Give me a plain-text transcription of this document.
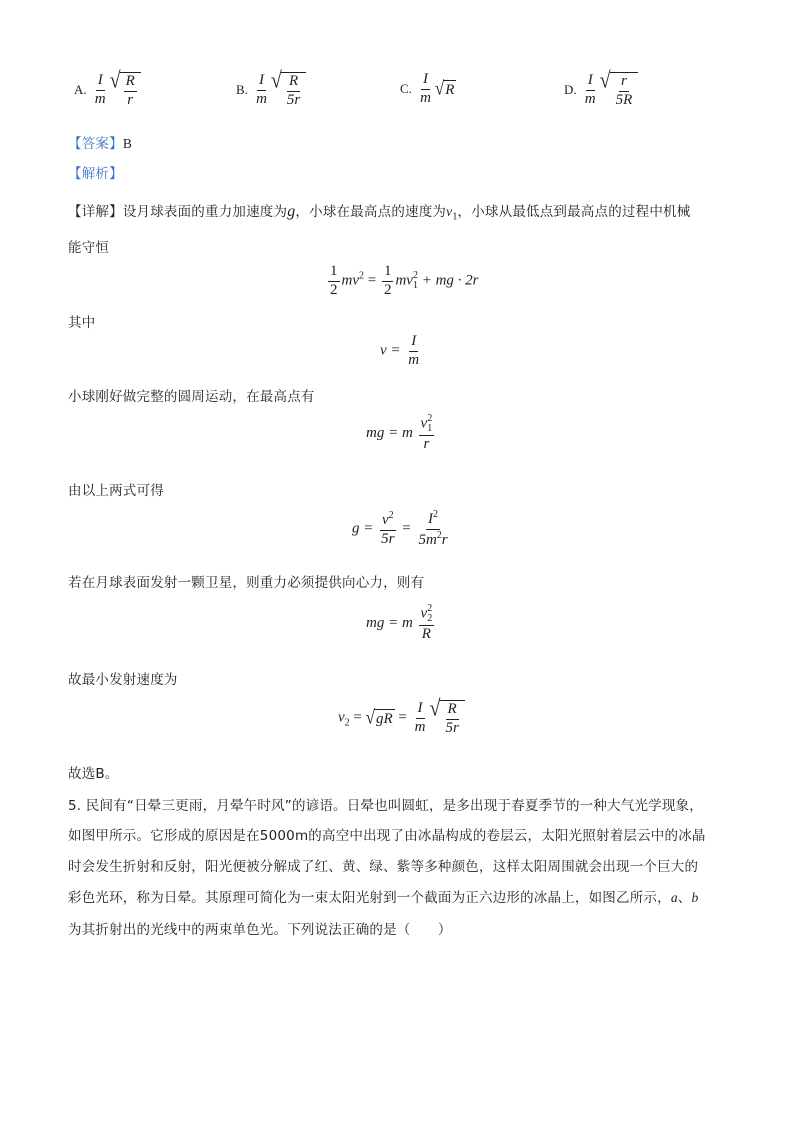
A. $\frac{I}{m}$ √ $\frac{R}{r}$	B. $\frac{I}{m}$ √ $\frac{R}{5r}$	C. $\frac{I}{m}$ √ R	D. $\frac{I}{m}$ √ $\frac{r}{5R}$
【答案】B
【解析】
【详解】设月球表面的重力加速度为g，小球在最高点的速度为$v_1$，小球从最低点到最高点的过程中机械
能守恒
$\frac{1}{2} mv^2 = \frac{1}{2}$ mv 2
1 + mg · 2r
其中
$v = \frac{I}{m}$
小球刚好做完整的圆周运动，在最高点有
mg = m v 2
1
r
由以上两式可得
$g = \frac{v^2}{5r} = \frac{I^2}{5m^2r}$
若在月球表面发射一颗卫星，则重力必须提供向心力，则有
mg = m v 2
2
R
故最小发射速度为
$v_2$ = √ gR = $\frac{I}{m}$ √ $\frac{R}{5r}$
故选B。
5. 民间有“日晕三更雨，月晕午时风”的谚语。日晕也叫圆虹，是多出现于春夏季节的一种大气光学现象，
如图甲所示。它形成的原因是在5000m的高空中出现了由冰晶构成的卷层云，太阳光照射着层云中的冰晶
时会发生折射和反射，阳光便被分解成了红、黄、绿、紫等多种颜色，这样太阳周围就会出现一个巨大的
彩色光环，称为日晕。其原理可简化为一束太阳光射到一个截面为正六边形的冰晶上，如图乙所示，a、b
为其折射出的光线中的两束单色光。下列说法正确的是（　　）
